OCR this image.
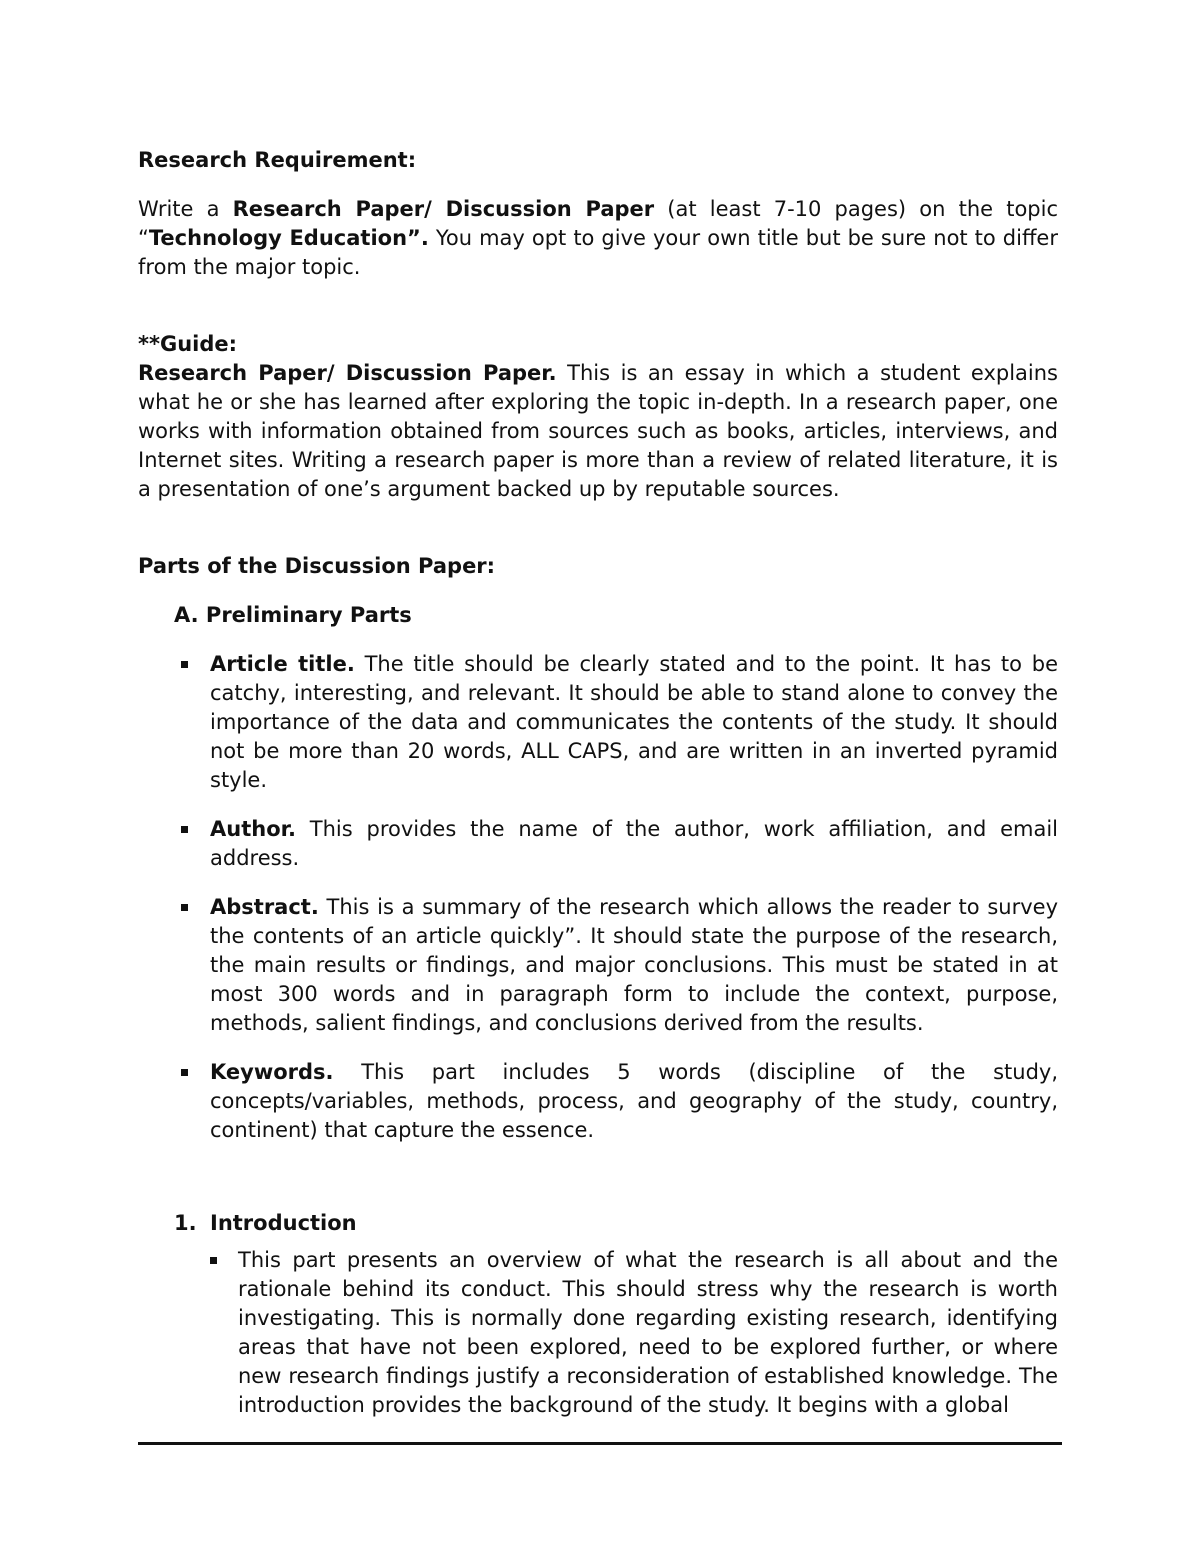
Research Requirement:

Write a Research Paper/ Discussion Paper (at least 7-10 pages) on the topic “Technology Education”. You may opt to give your own title but be sure not to differ from the major topic.

**Guide:

Research Paper/ Discussion Paper. This is an essay in which a student explains what he or she has learned after exploring the topic in-depth. In a research paper, one works with information obtained from sources such as books, articles, interviews, and Internet sites. Writing a research paper is more than a review of related literature, it is a presentation of one’s argument backed up by reputable sources.

Parts of the Discussion Paper:

A. Preliminary Parts

Article title. The title should be clearly stated and to the point. It has to be catchy, interesting, and relevant. It should be able to stand alone to convey the importance of the data and communicates the contents of the study. It should not be more than 20 words, ALL CAPS, and are written in an inverted pyramid style.
Author. This provides the name of the author, work affiliation, and email address.
Abstract. This is a summary of the research which allows the reader to survey the contents of an article quickly”. It should state the purpose of the research, the main results or findings, and major conclusions. This must be stated in at most 300 words and in paragraph form to include the context, purpose, methods, salient findings, and conclusions derived from the results.
Keywords. This part includes 5 words (discipline of the study, concepts/variables, methods, process, and geography of the study, country, continent) that capture the essence.
1. Introduction
This part presents an overview of what the research is all about and the rationale behind its conduct. This should stress why the research is worth investigating. This is normally done regarding existing research, identifying areas that have not been explored, need to be explored further, or where new research findings justify a reconsideration of established knowledge. The introduction provides the background of the study. It begins with a global
